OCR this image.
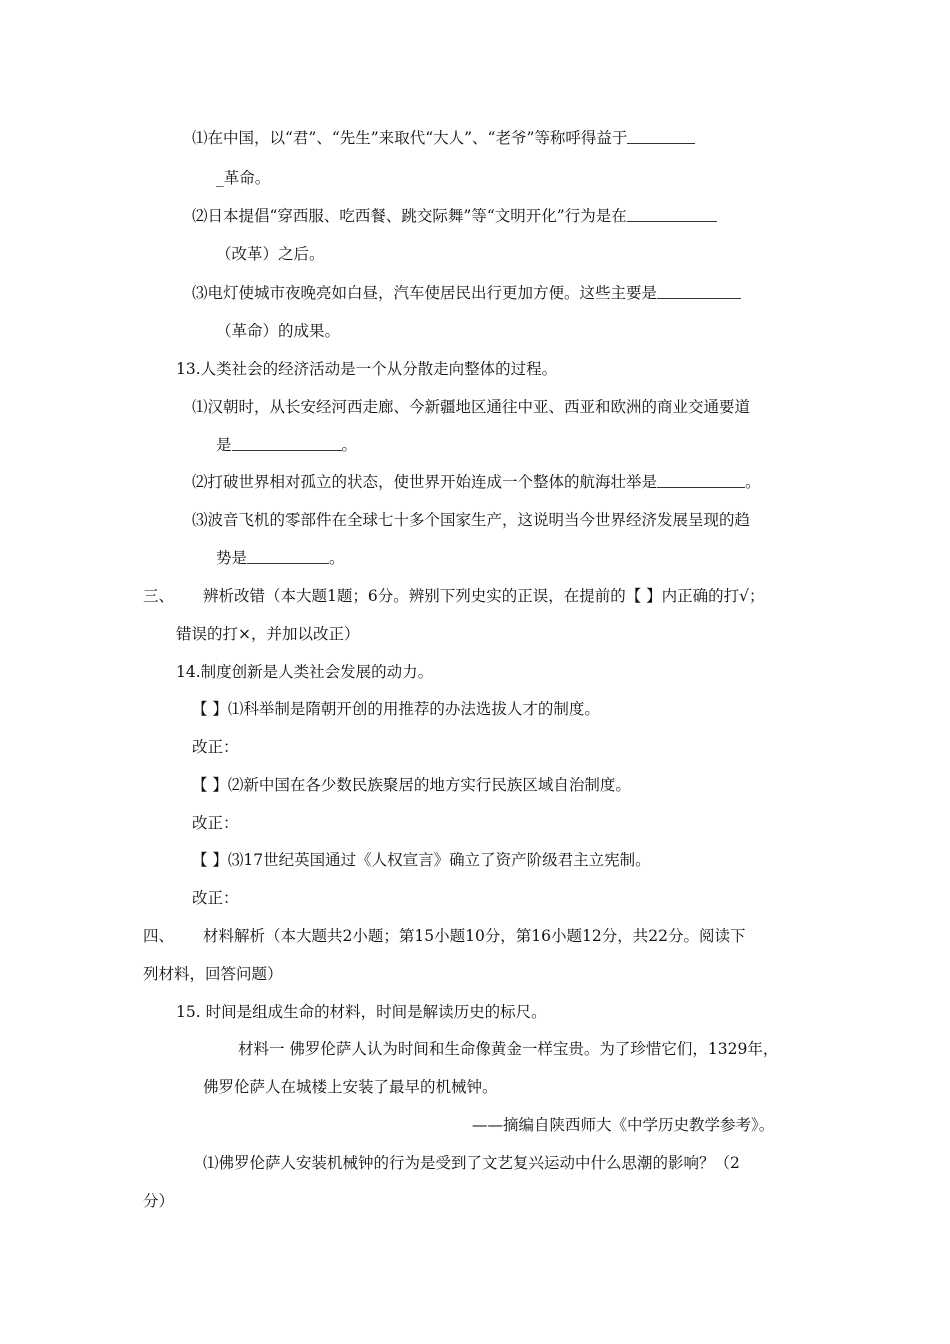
⑴在中国，以“君”、“先生”来取代“大人”、“老爷”等称呼得益于
_革命。
⑵日本提倡“穿西服、吃西餐、跳交际舞”等“文明开化”行为是在
（改革）之后。
⑶电灯使城市夜晚亮如白昼，汽车使居民出行更加方便。这些主要是
（革命）的成果。
13.人类社会的经济活动是一个从分散走向整体的过程。
⑴汉朝时，从长安经河西走廊、今新疆地区通往中亚、西亚和欧洲的商业交通要道
是	。
⑵打破世界相对孤立的状态，使世界开始连成一个整体的航海壮举是	。
⑶波音飞机的零部件在全球七十多个国家生产，这说明当今世界经济发展呈现的趋
势是	。
三、 辨析改错（本大题1题；6分。辨别下列史实的正误，在提前的【 】内正确的打√；
错误的打×，并加以改正）
14.制度创新是人类社会发展的动力。
【 】⑴科举制是隋朝开创的用推荐的办法选拔人才的制度。
改正：
【 】⑵新中国在各少数民族聚居的地方实行民族区域自治制度。
改正：
【 】⑶17世纪英国通过《人权宣言》确立了资产阶级君主立宪制。
改正：
四、 材料解析（本大题共2小题；第15小题10分，第16小题12分，共22分。阅读下
列材料，回答问题）
15. 时间是组成生命的材料，时间是解读历史的标尺。
材料一 佛罗伦萨人认为时间和生命像黄金一样宝贵。为了珍惜它们，1329年，
佛罗伦萨人在城楼上安装了最早的机械钟。
——摘编自陕西师大《中学历史教学参考》。
⑴佛罗伦萨人安装机械钟的行为是受到了文艺复兴运动中什么思潮的影响？（2
分）
